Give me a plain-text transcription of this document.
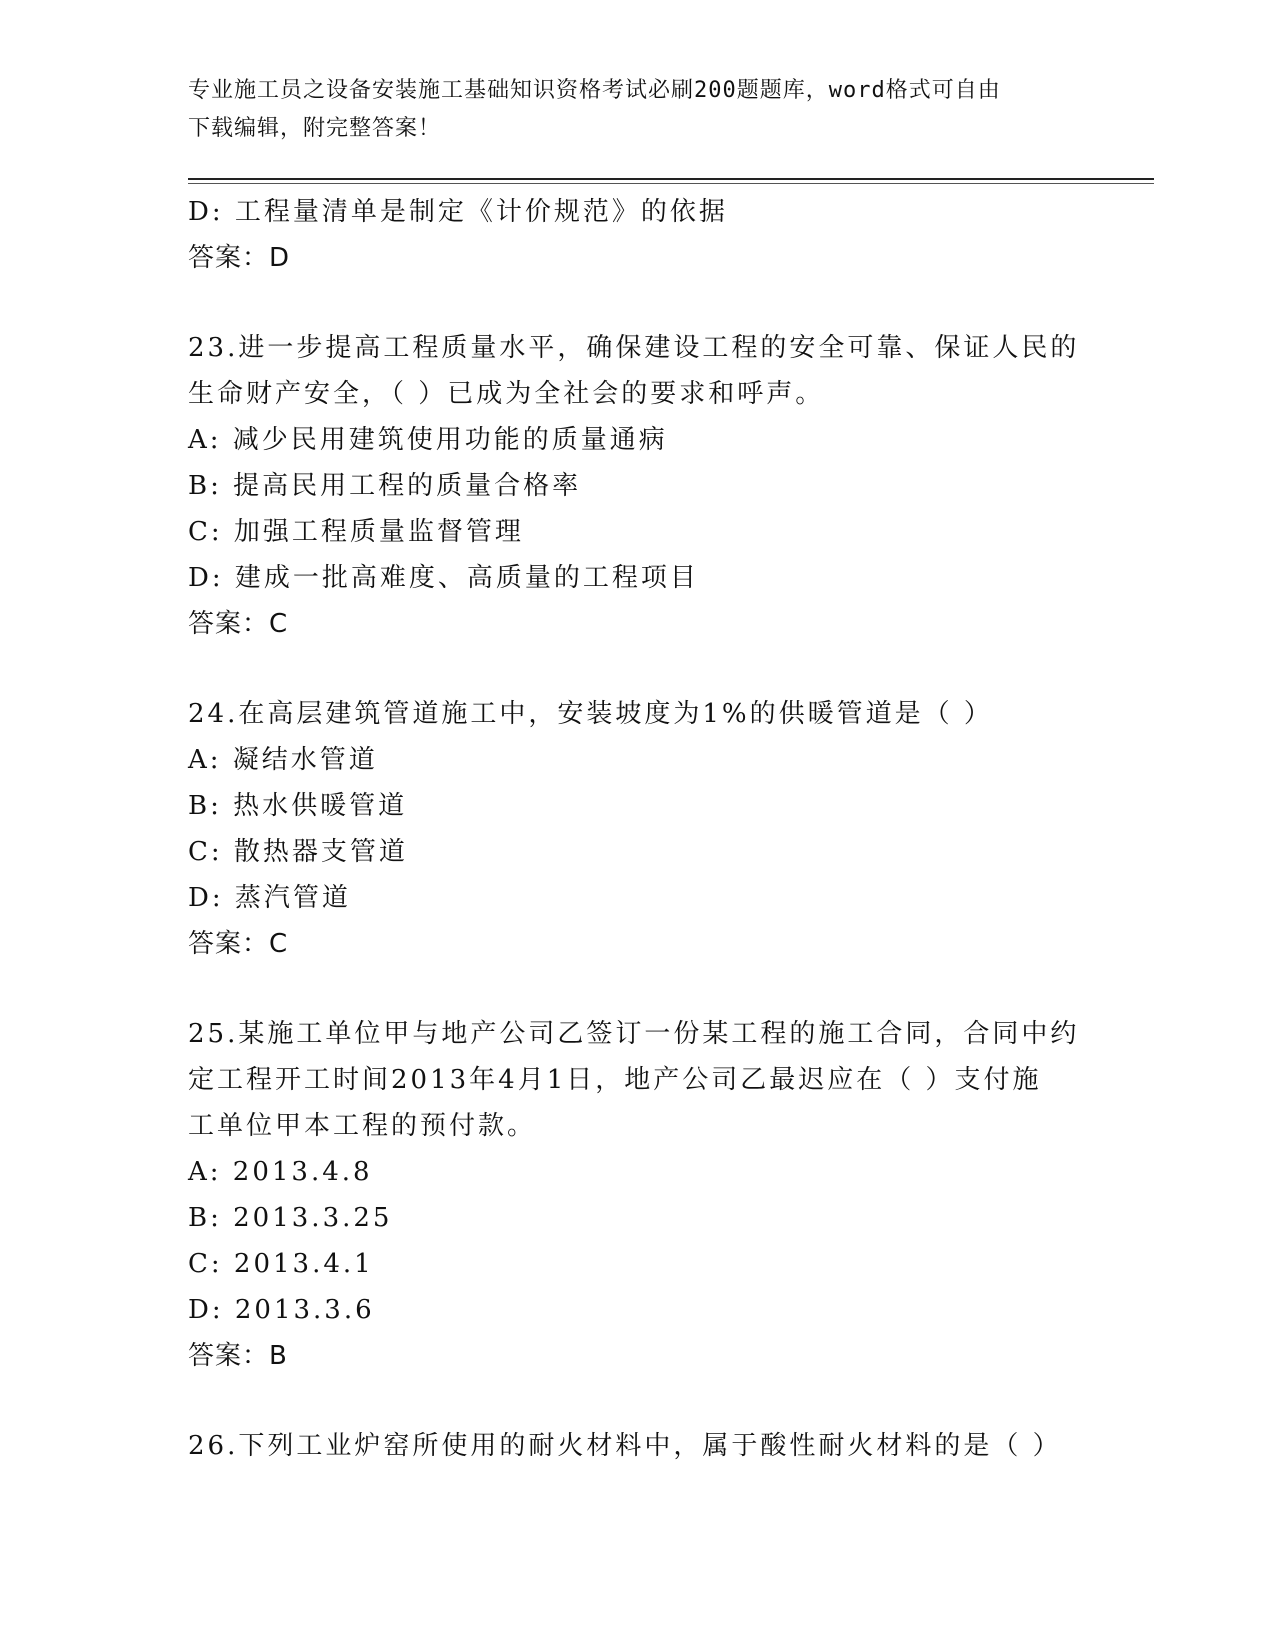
专业施工员之设备安装施工基础知识资格考试必刷200题题库，word格式可自由
下载编辑，附完整答案！
D: 工程量清单是制定《计价规范》的依据
答案：D
23.进一步提高工程质量水平，确保建设工程的安全可靠、保证人民的
生命财产安全，（ ）已成为全社会的要求和呼声。
A: 减少民用建筑使用功能的质量通病
B: 提高民用工程的质量合格率
C: 加强工程质量监督管理
D: 建成一批高难度、高质量的工程项目
答案：C
24.在高层建筑管道施工中，安装坡度为1%的供暖管道是（ ）
A: 凝结水管道
B: 热水供暖管道
C: 散热器支管道
D: 蒸汽管道
答案：C
25.某施工单位甲与地产公司乙签订一份某工程的施工合同，合同中约
定工程开工时间2013年4月1日，地产公司乙最迟应在（ ）支付施
工单位甲本工程的预付款。
A: 2013.4.8
B: 2013.3.25
C: 2013.4.1
D: 2013.3.6
答案：B
26.下列工业炉窑所使用的耐火材料中，属于酸性耐火材料的是（ ）
